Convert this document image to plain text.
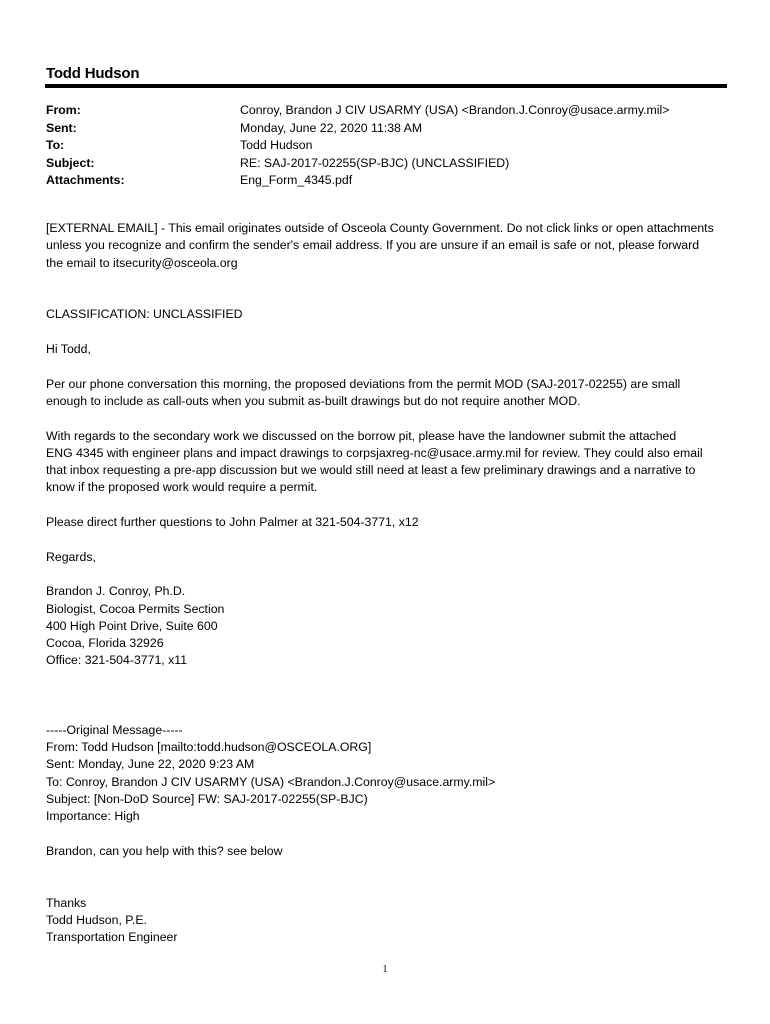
Todd Hudson
From:	Conroy, Brandon J CIV USARMY (USA) <Brandon.J.Conroy@usace.army.mil>
Sent:	Monday, June 22, 2020 11:38 AM
To:	Todd Hudson
Subject:	RE: SAJ-2017-02255(SP-BJC) (UNCLASSIFIED)
Attachments:	Eng_Form_4345.pdf

[EXTERNAL EMAIL] - This email originates outside of Osceola County Government. Do not click links or open attachments

unless you recognize and confirm the sender's email address. If you are unsure if an email is safe or not, please forward

the email to itsecurity@osceola.org

CLASSIFICATION: UNCLASSIFIED

Hi Todd,

Per our phone conversation this morning, the proposed deviations from the permit MOD (SAJ-2017-02255) are small

enough to include as call-outs when you submit as-built drawings but do not require another MOD.

With regards to the secondary work we discussed on the borrow pit, please have the landowner submit the attached

ENG 4345 with engineer plans and impact drawings to corpsjaxreg-nc@usace.army.mil for review. They could also email

that inbox requesting a pre-app discussion but we would still need at least a few preliminary drawings and a narrative to

know if the proposed work would require a permit.

Please direct further questions to John Palmer at 321-504-3771, x12

Regards,

Brandon J. Conroy, Ph.D.

Biologist, Cocoa Permits Section

400 High Point Drive, Suite 600

Cocoa, Florida 32926

Office: 321-504-3771, x11

-----Original Message-----

From: Todd Hudson [mailto:todd.hudson@OSCEOLA.ORG]

Sent: Monday, June 22, 2020 9:23 AM

To: Conroy, Brandon J CIV USARMY (USA) <Brandon.J.Conroy@usace.army.mil>

Subject: [Non-DoD Source] FW: SAJ-2017-02255(SP-BJC)

Importance: High

Brandon, can you help with this? see below

Thanks

Todd Hudson, P.E.

Transportation Engineer

1
